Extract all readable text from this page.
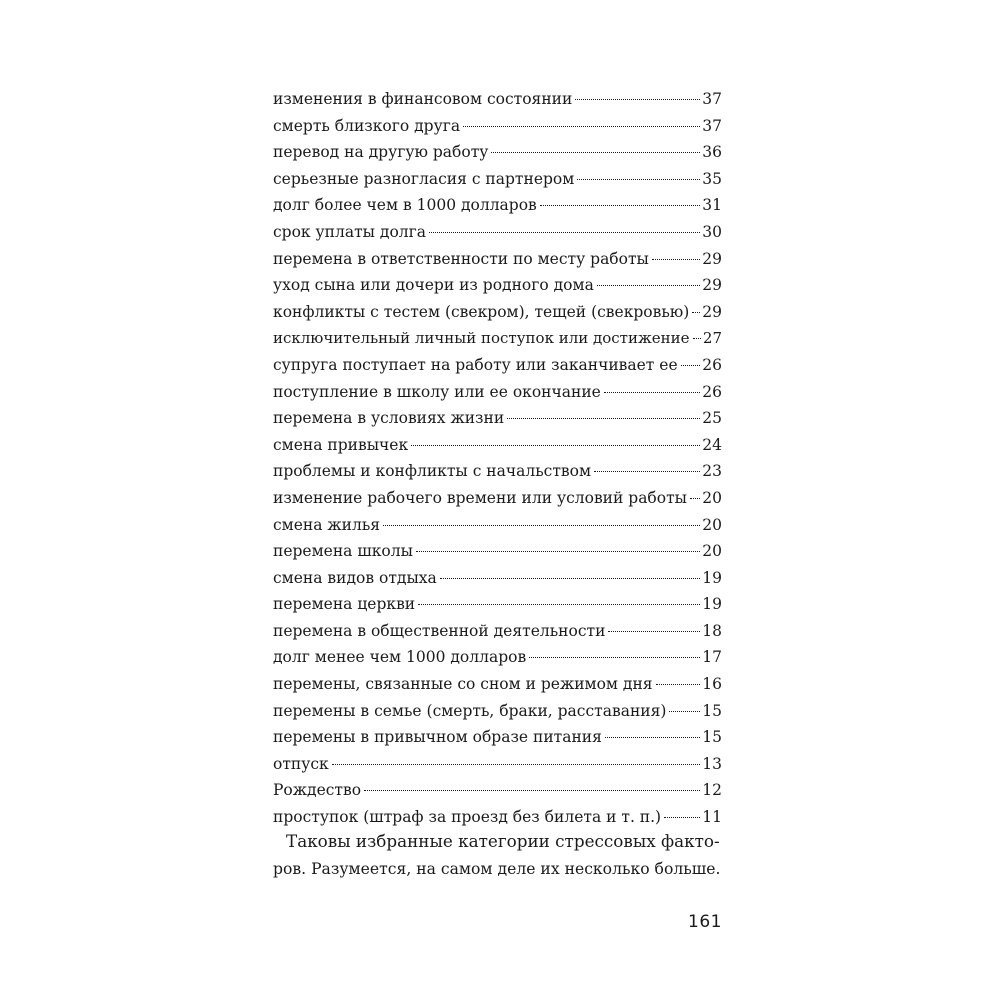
изменения в финансовом состоянии	37
смерть близкого друга	37
перевод на другую работу	36
серьезные разногласия с партнером	35
долг более чем в 1000 долларов	31
срок уплаты долга	30
перемена в ответственности по месту работы	29
уход сына или дочери из родного дома	29
конфликты с тестем (свекром), тещей (свекровью) 29
исключительный личный поступок или достижение 27
супруга поступает на работу или заканчивает ее 26
поступление в школу или ее окончание	26
перемена в условиях жизни	25
смена привычек	24
проблемы и конфликты с начальством	23
изменение рабочего времени или условий работы 20
смена жилья	20
перемена школы	20
смена видов отдыха	19
перемена церкви	19
перемена в общественной деятельности	18
долг менее чем 1000 долларов	17
перемены, связанные со сном и режимом дня	16
перемены в семье (смерть, браки, расставания) 15
перемены в привычном образе питания	15
отпуск	13
Рождество	12
проступок (штраф за проезд без билета и т. п.)	11

Таковы избранные категории стрессовых факто-
ров. Разумеется, на самом деле их несколько больше.

161
